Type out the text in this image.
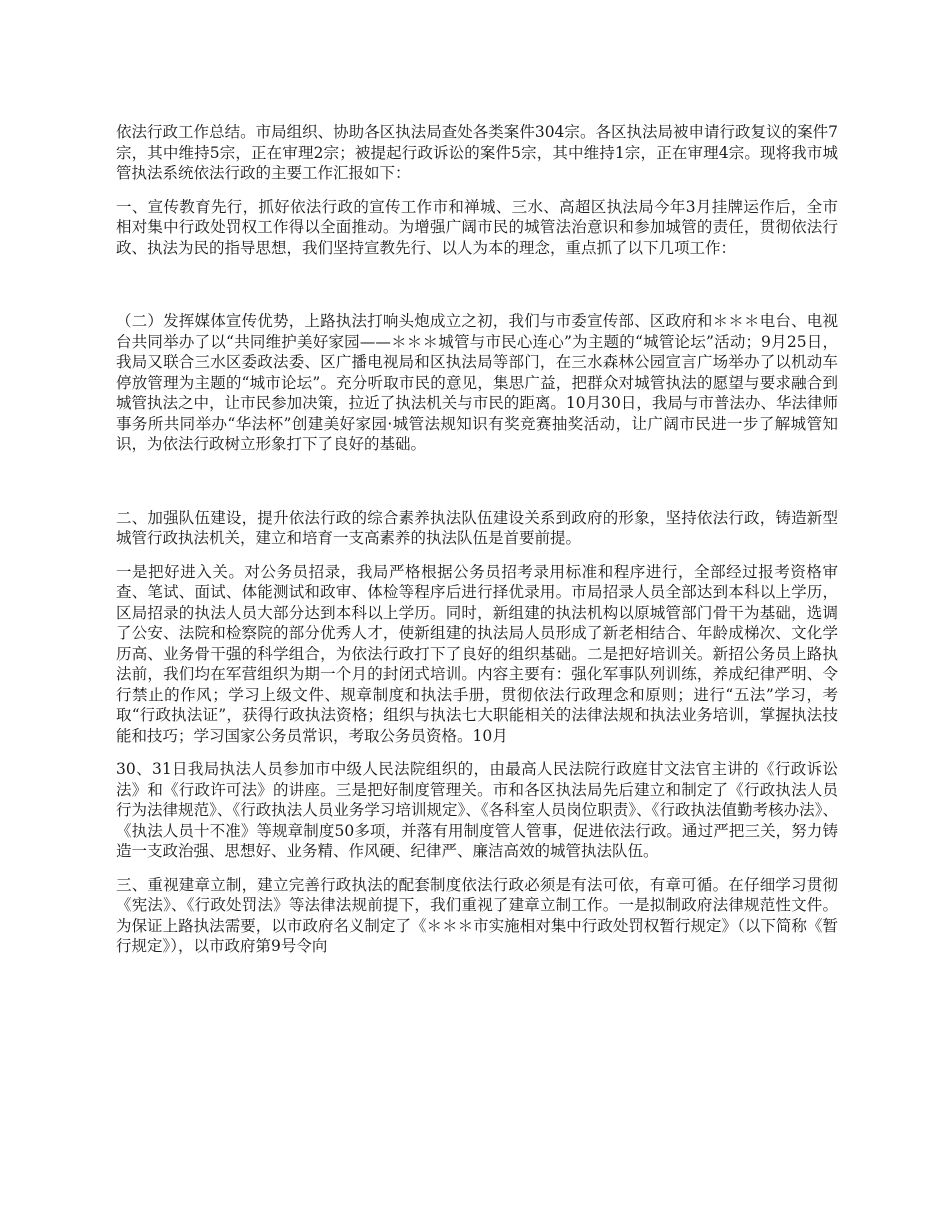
依法行政工作总结。市局组织、协助各区执法局查处各类案件304宗。各区执法局被申请行政复议的案件7宗，其中维持5宗，正在审理2宗；被提起行政诉讼的案件5宗，其中维持1宗，正在审理4宗。现将我市城管执法系统依法行政的主要工作汇报如下：

一、宣传教育先行，抓好依法行政的宣传工作市和禅城、三水、高超区执法局今年3月挂牌运作后，全市相对集中行政处罚权工作得以全面推动。为增强广阔市民的城管法治意识和参加城管的责任，贯彻依法行政、执法为民的指导思想，我们坚持宣教先行、以人为本的理念，重点抓了以下几项工作：

（二）发挥媒体宣传优势，上路执法打响头炮成立之初，我们与市委宣传部、区政府和＊＊＊电台、电视台共同举办了以“共同维护美好家园——＊＊＊城管与市民心连心”为主题的“城管论坛”活动；9月25日，我局又联合三水区委政法委、区广播电视局和区执法局等部门，在三水森林公园宣言广场举办了以机动车停放管理为主题的“城市论坛”。充分听取市民的意见，集思广益，把群众对城管执法的愿望与要求融合到城管执法之中，让市民参加决策，拉近了执法机关与市民的距离。10月30日，我局与市普法办、华法律师事务所共同举办“华法杯”创建美好家园·城管法规知识有奖竞赛抽奖活动，让广阔市民进一步了解城管知识，为依法行政树立形象打下了良好的基础。

二、加强队伍建设，提升依法行政的综合素养执法队伍建设关系到政府的形象，坚持依法行政，铸造新型城管行政执法机关，建立和培育一支高素养的执法队伍是首要前提。

一是把好进入关。对公务员招录，我局严格根据公务员招考录用标准和程序进行，全部经过报考资格审查、笔试、面试、体能测试和政审、体检等程序后进行择优录用。市局招录人员全部达到本科以上学历，区局招录的执法人员大部分达到本科以上学历。同时，新组建的执法机构以原城管部门骨干为基础，选调了公安、法院和检察院的部分优秀人才，使新组建的执法局人员形成了新老相结合、年龄成梯次、文化学历高、业务骨干强的科学组合，为依法行政打下了良好的组织基础。二是把好培训关。新招公务员上路执法前，我们均在军营组织为期一个月的封闭式培训。内容主要有：强化军事队列训练，养成纪律严明、令行禁止的作风；学习上级文件、规章制度和执法手册，贯彻依法行政理念和原则；进行“五法”学习，考取“行政执法证”，获得行政执法资格；组织与执法七大职能相关的法律法规和执法业务培训，掌握执法技能和技巧；学习国家公务员常识，考取公务员资格。10月

30、31日我局执法人员参加市中级人民法院组织的，由最高人民法院行政庭甘文法官主讲的《行政诉讼法》和《行政许可法》的讲座。三是把好制度管理关。市和各区执法局先后建立和制定了《行政执法人员行为法律规范》、《行政执法人员业务学习培训规定》、《各科室人员岗位职责》、《行政执法值勤考核办法》、《执法人员十不准》等规章制度50多项，并落有用制度管人管事，促进依法行政。通过严把三关，努力铸造一支政治强、思想好、业务精、作风硬、纪律严、廉洁高效的城管执法队伍。

三、重视建章立制，建立完善行政执法的配套制度依法行政必须是有法可依，有章可循。在仔细学习贯彻《宪法》、《行政处罚法》等法律法规前提下，我们重视了建章立制工作。一是拟制政府法律规范性文件。为保证上路执法需要，以市政府名义制定了《＊＊＊市实施相对集中行政处罚权暂行规定》（以下简称《暂行规定》），以市政府第9号令向
